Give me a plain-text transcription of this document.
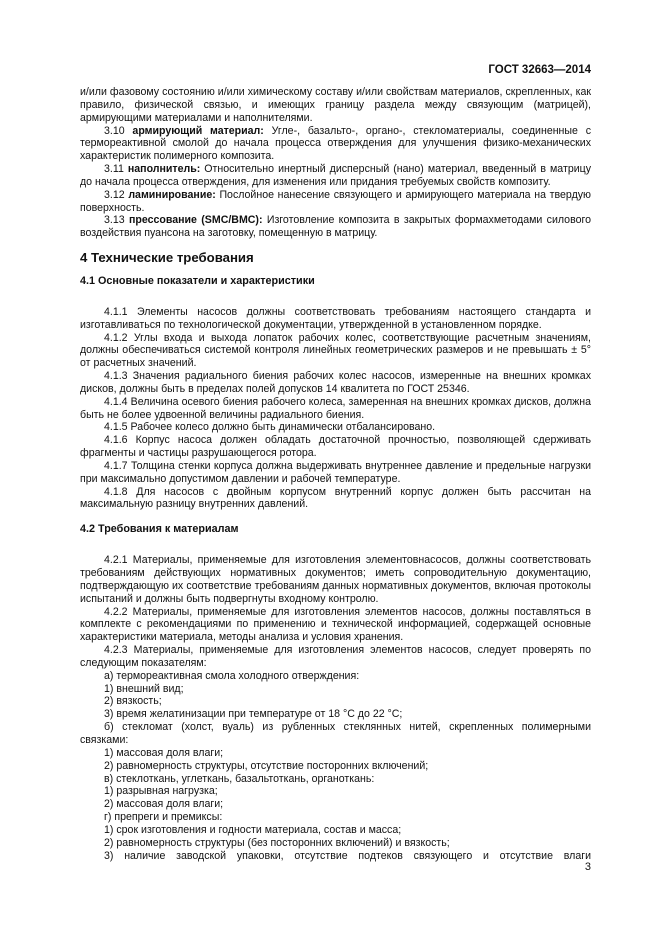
ГОСТ 32663—2014

и/или фазовому состоянию и/или химическому составу и/или свойствам материалов, скрепленных, как правило, физической связью, и имеющих границу раздела между связующим (матрицей), армирующими материалами и наполнителями.

3.10 армирующий материал: Угле-, базальто-, органо-, стекломатериалы, соединенные с термореактивной смолой до начала процесса отверждения для улучшения физико-механических характеристик полимерного композита.

3.11 наполнитель: Относительно инертный дисперсный (нано) материал, введенный в матрицу до начала процесса отверждения, для изменения или придания требуемых свойств композиту.

3.12 ламинирование: Послойное нанесение связующего и армирующего материала на твердую поверхность.

3.13 прессование (SMC/BMC): Изготовление композита в закрытых формахметодами силового воздействия пуансона на заготовку, помещенную в матрицу.

4 Технические требования
4.1 Основные показатели и характеристики

4.1.1 Элементы насосов должны соответствовать требованиям настоящего стандарта и изготавливаться по технологической документации, утвержденной в установленном порядке.

4.1.2 Углы входа и выхода лопаток рабочих колес, соответствующие расчетным значениям, должны обеспечиваться системой контроля линейных геометрических размеров и не превышать ± 5° от расчетных значений.

4.1.3 Значения радиального биения рабочих колес насосов, измеренные на внешних кромках дисков, должны быть в пределах полей допусков 14 квалитета по ГОСТ 25346.

4.1.4 Величина осевого биения рабочего колеса, замеренная на внешних кромках дисков, должна быть не более удвоенной величины радиального биения.

4.1.5 Рабочее колесо должно быть динамически отбалансировано.

4.1.6 Корпус насоса должен обладать достаточной прочностью, позволяющей сдерживать фрагменты и частицы разрушающегося ротора.

4.1.7 Толщина стенки корпуса должна выдерживать внутреннее давление и предельные нагрузки при максимально допустимом давлении и рабочей температуре.

4.1.8 Для насосов с двойным корпусом внутренний корпус должен быть рассчитан на максимальную разницу внутренних давлений.

4.2 Требования к материалам

4.2.1 Материалы, применяемые для изготовления элементовнасосов, должны соответствовать требованиям действующих нормативных документов; иметь сопроводительную документацию, подтверждающую их соответствие требованиям данных нормативных документов, включая протоколы испытаний и должны быть подвергнуты входному контролю.

4.2.2 Материалы, применяемые для изготовления элементов насосов, должны поставляться в комплекте с рекомендациями по применению и технической информацией, содержащей основные характеристики материала, методы анализа и условия хранения.

4.2.3 Материалы, применяемые для изготовления элементов насосов, следует проверять по следующим показателям:

а) термореактивная смола холодного отверждения:

1) внешний вид;

2) вязкость;

3) время желатинизации при температуре от 18 °С до 22 °С;

б) стекломат (холст, вуаль) из рубленных стеклянных нитей, скрепленных полимерными связками:

1) массовая доля влаги;

2) равномерность структуры, отсутствие посторонних включений;

в) стеклоткань, углеткань, базальтоткань, органоткань:

1) разрывная нагрузка;

2) массовая доля влаги;

г) препреги и премиксы:

1) срок изготовления и годности материала, состав и масса;

2) равномерность структуры (без посторонних включений) и вязкость;

3) наличие заводской упаковки, отсутствие подтеков связующего и отсутствие влаги

3
